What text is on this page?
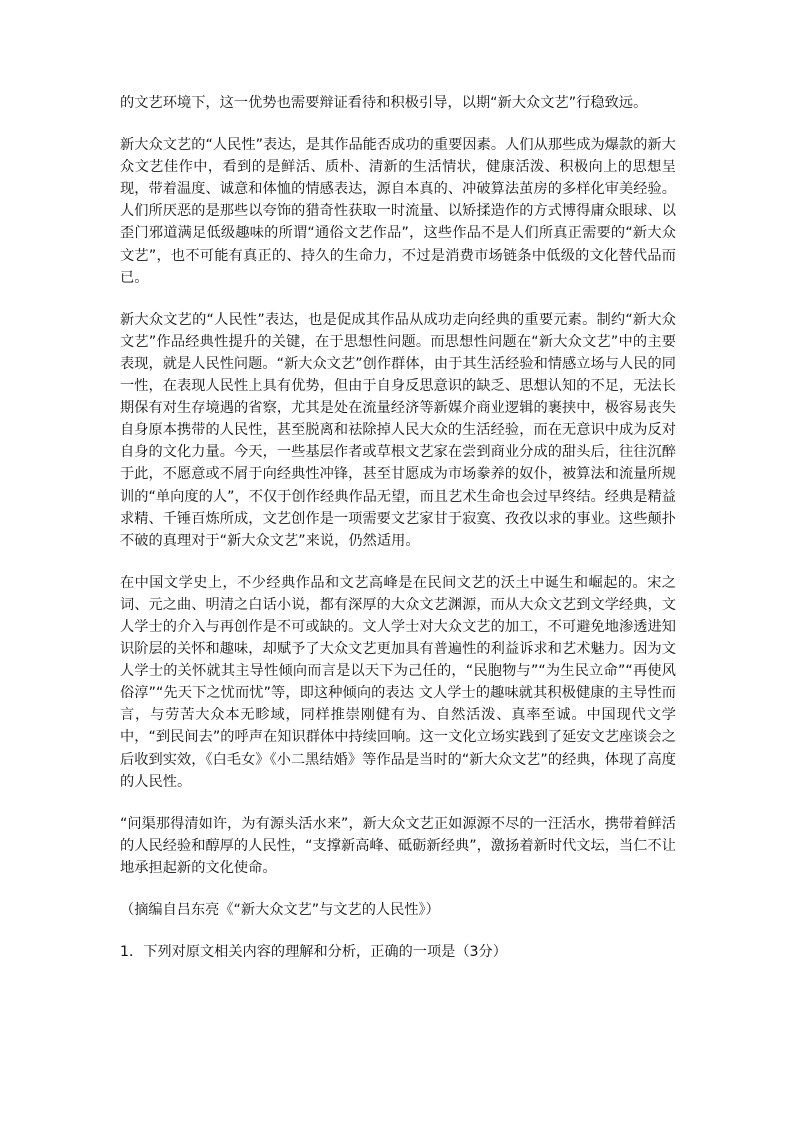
的文艺环境下，这一优势也需要辩证看待和积极引导，以期“新大众文艺”行稳致远。

新大众文艺的“人民性”表达，是其作品能否成功的重要因素。人们从那些成为爆款的新大众文艺佳作中，看到的是鲜活、质朴、清新的生活情状，健康活泼、积极向上的思想呈现，带着温度、诚意和体恤的情感表达，源自本真的、冲破算法茧房的多样化审美经验。人们所厌恶的是那些以夸饰的猎奇性获取一时流量、以矫揉造作的方式博得庸众眼球、以歪门邪道满足低级趣味的所谓“通俗文艺作品”，这些作品不是人们所真正需要的“新大众文艺”，也不可能有真正的、持久的生命力，不过是消费市场链条中低级的文化替代品而已。

新大众文艺的“人民性”表达，也是促成其作品从成功走向经典的重要元素。制约“新大众文艺”作品经典性提升的关键，在于思想性问题。而思想性问题在“新大众文艺”中的主要表现，就是人民性问题。“新大众文艺”创作群体，由于其生活经验和情感立场与人民的同一性，在表现人民性上具有优势，但由于自身反思意识的缺乏、思想认知的不足，无法长期保有对生存境遇的省察，尤其是处在流量经济等新媒介商业逻辑的裹挟中，极容易丧失自身原本携带的人民性，甚至脱离和祛除掉人民大众的生活经验，而在无意识中成为反对自身的文化力量。今天，一些基层作者或草根文艺家在尝到商业分成的甜头后，往往沉醉于此，不愿意或不屑于向经典性冲锋，甚至甘愿成为市场豢养的奴仆，被算法和流量所规训的“单向度的人”，不仅于创作经典作品无望，而且艺术生命也会过早终结。经典是精益求精、千锤百炼所成，文艺创作是一项需要文艺家甘于寂寞、孜孜以求的事业。这些颠扑不破的真理对于“新大众文艺”来说，仍然适用。

在中国文学史上，不少经典作品和文艺高峰是在民间文艺的沃土中诞生和崛起的。宋之词、元之曲、明清之白话小说，都有深厚的大众文艺渊源，而从大众文艺到文学经典，文人学士的介入与再创作是不可或缺的。文人学士对大众文艺的加工，不可避免地渗透进知识阶层的关怀和趣味，却赋予了大众文艺更加具有普遍性的利益诉求和艺术魅力。因为文人学士的关怀就其主导性倾向而言是以天下为己任的，“民胞物与”“为生民立命”“再使风俗淳”“先天下之忧而忧”等，即这种倾向的表达 文人学士的趣味就其积极健康的主导性而言，与劳苦大众本无畛域，同样推崇刚健有为、自然活泼、真率至诚。中国现代文学中，“到民间去”的呼声在知识群体中持续回响。这一文化立场实践到了延安文艺座谈会之后收到实效，《白毛女》《小二黑结婚》等作品是当时的“新大众文艺”的经典，体现了高度的人民性。

“问渠那得清如许，为有源头活水来”，新大众文艺正如源源不尽的一汪活水，携带着鲜活的人民经验和醇厚的人民性，“支撑新高峰、砥砺新经典”，激扬着新时代文坛，当仁不让地承担起新的文化使命。

（摘编自吕东亮《“新大众文艺”与文艺的人民性》）

1．下列对原文相关内容的理解和分析，正确的一项是（3分）
